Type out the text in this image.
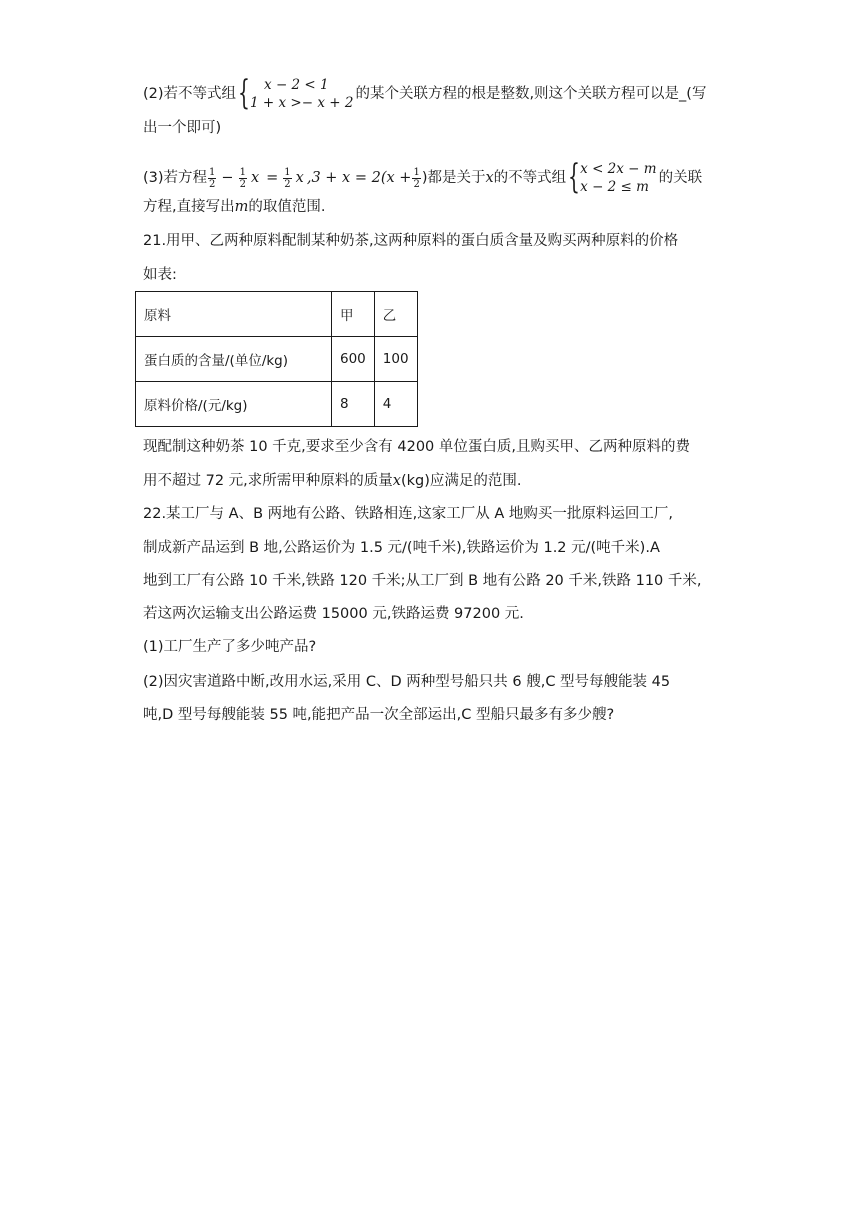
(2)若不等式组 {	x − 2 < 1
1 + x >− x + 2
的某个关联方程的根是整数,则这个关联方程可以是_(写
出一个即可)
(3)若方程 $\frac{1}{2} - \frac{1}{2}$ $x = \frac{1}{2}$ x $,3 + x = 2(x + \frac{1}{2}$ )都是关于x的不等式组 { x < 2x − m
x − 2 ≤ m
的关联
方程,直接写出m的取值范围.
21.用甲、乙两种原料配制某种奶茶,这两种原料的蛋白质含量及购买两种原料的价格
如表:
原料	甲	乙
蛋白质的含量/(单位/kg)	600	100
原料价格/(元/kg)	8	4
现配制这种奶茶 10 千克,要求至少含有 4200 单位蛋白质,且购买甲、乙两种原料的费
用不超过 72 元,求所需甲种原料的质量x(kg)应满足的范围.
22.某工厂与 A、B 两地有公路、铁路相连,这家工厂从 A 地购买一批原料运回工厂,
制成新产品运到 B 地,公路运价为 1.5 元/(吨千米),铁路运价为 1.2 元/(吨千米).A
地到工厂有公路 10 千米,铁路 120 千米;从工厂到 B 地有公路 20 千米,铁路 110 千米,
若这两次运输支出公路运费 15000 元,铁路运费 97200 元.
(1)工厂生产了多少吨产品?
(2)因灾害道路中断,改用水运,采用 C、D 两种型号船只共 6 艘,C 型号每艘能装 45
吨,D 型号每艘能装 55 吨,能把产品一次全部运出,C 型船只最多有多少艘?
